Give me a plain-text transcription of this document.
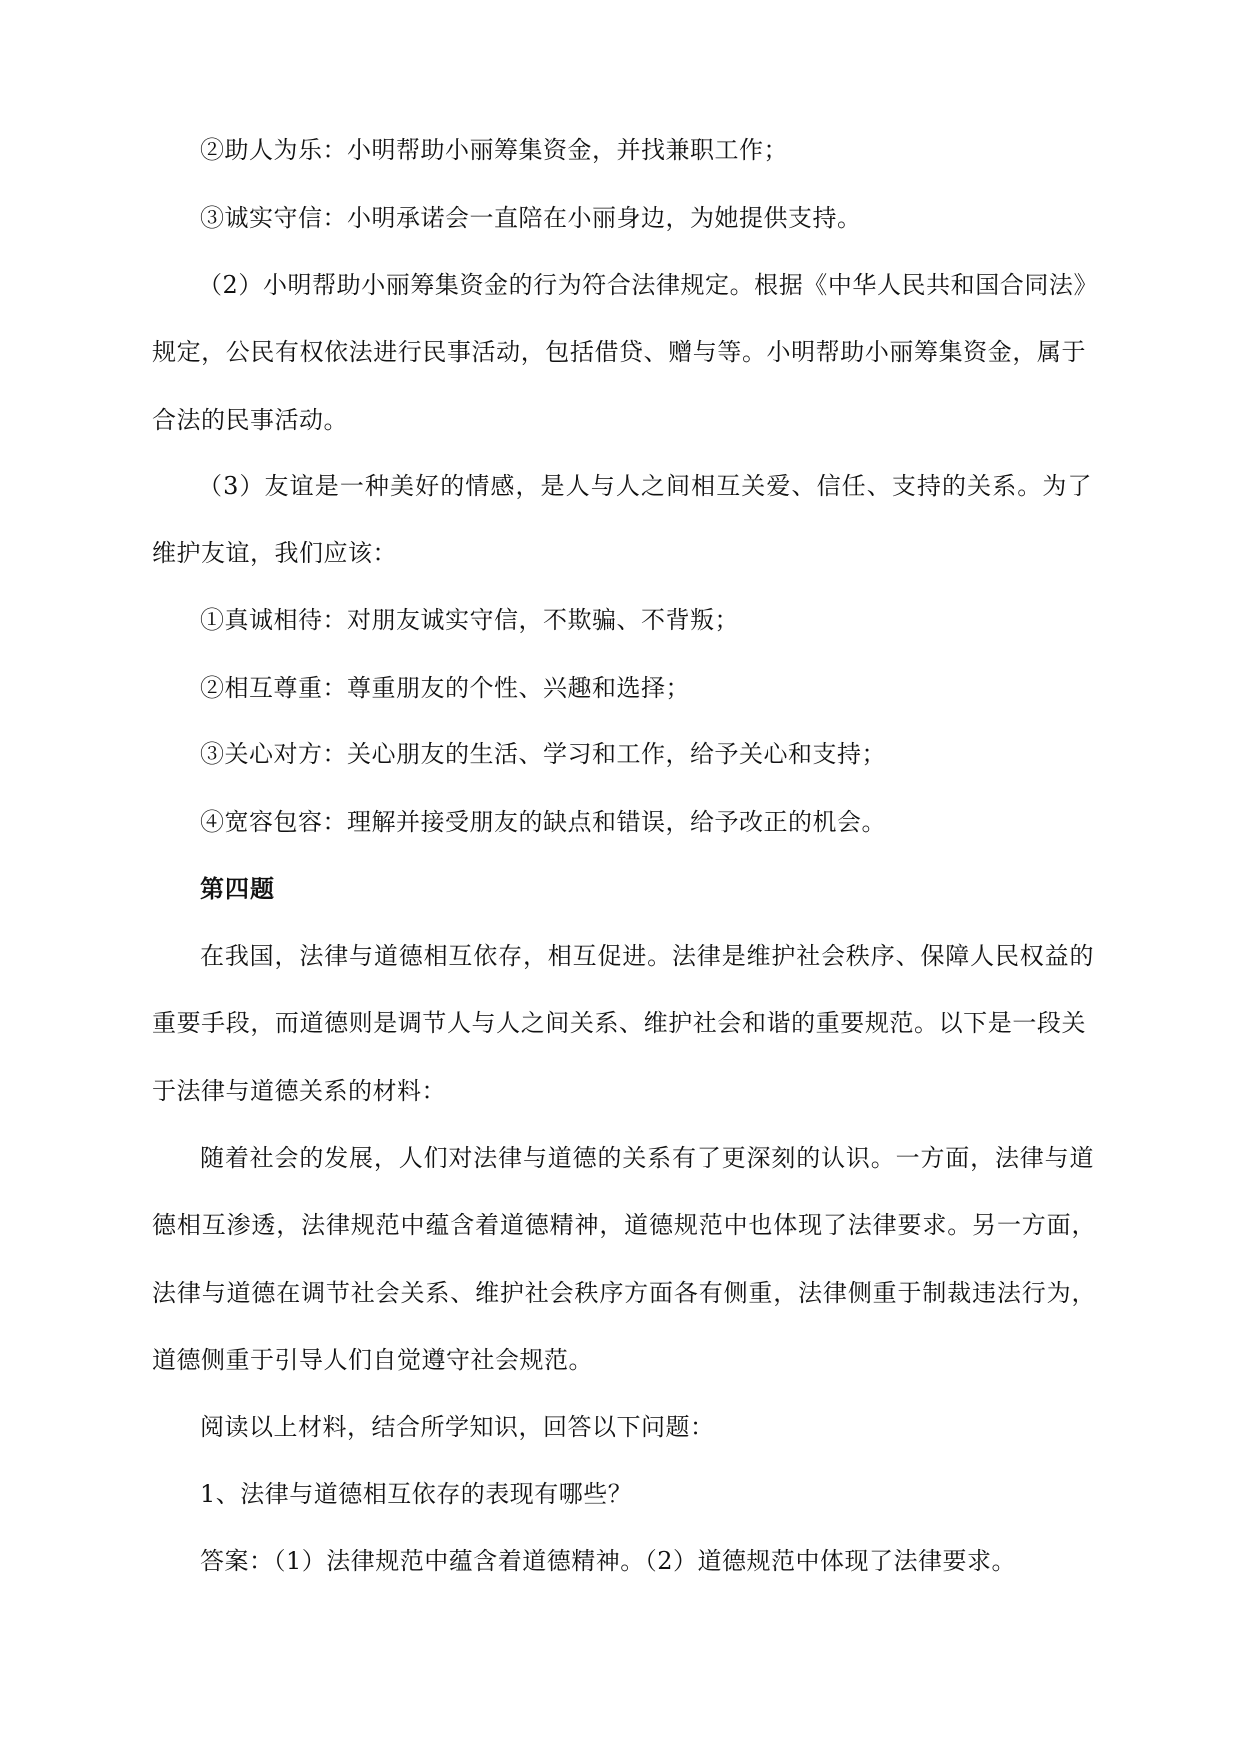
②助人为乐：小明帮助小丽筹集资金，并找兼职工作；
③诚实守信：小明承诺会一直陪在小丽身边，为她提供支持。
（2）小明帮助小丽筹集资金的行为符合法律规定。根据《中华人民共和国合同法》
规定，公民有权依法进行民事活动，包括借贷、赠与等。小明帮助小丽筹集资金，属于
合法的民事活动。
（3）友谊是一种美好的情感，是人与人之间相互关爱、信任、支持的关系。为了
维护友谊，我们应该：
①真诚相待：对朋友诚实守信，不欺骗、不背叛；
②相互尊重：尊重朋友的个性、兴趣和选择；
③关心对方：关心朋友的生活、学习和工作，给予关心和支持；
④宽容包容：理解并接受朋友的缺点和错误，给予改正的机会。
第四题
在我国，法律与道德相互依存，相互促进。法律是维护社会秩序、保障人民权益的
重要手段，而道德则是调节人与人之间关系、维护社会和谐的重要规范。以下是一段关
于法律与道德关系的材料：
随着社会的发展，人们对法律与道德的关系有了更深刻的认识。一方面，法律与道
德相互渗透，法律规范中蕴含着道德精神，道德规范中也体现了法律要求。另一方面，
法律与道德在调节社会关系、维护社会秩序方面各有侧重，法律侧重于制裁违法行为，
道德侧重于引导人们自觉遵守社会规范。
阅读以上材料，结合所学知识，回答以下问题：
1、法律与道德相互依存的表现有哪些？
答案：（1）法律规范中蕴含着道德精神。（2）道德规范中体现了法律要求。
